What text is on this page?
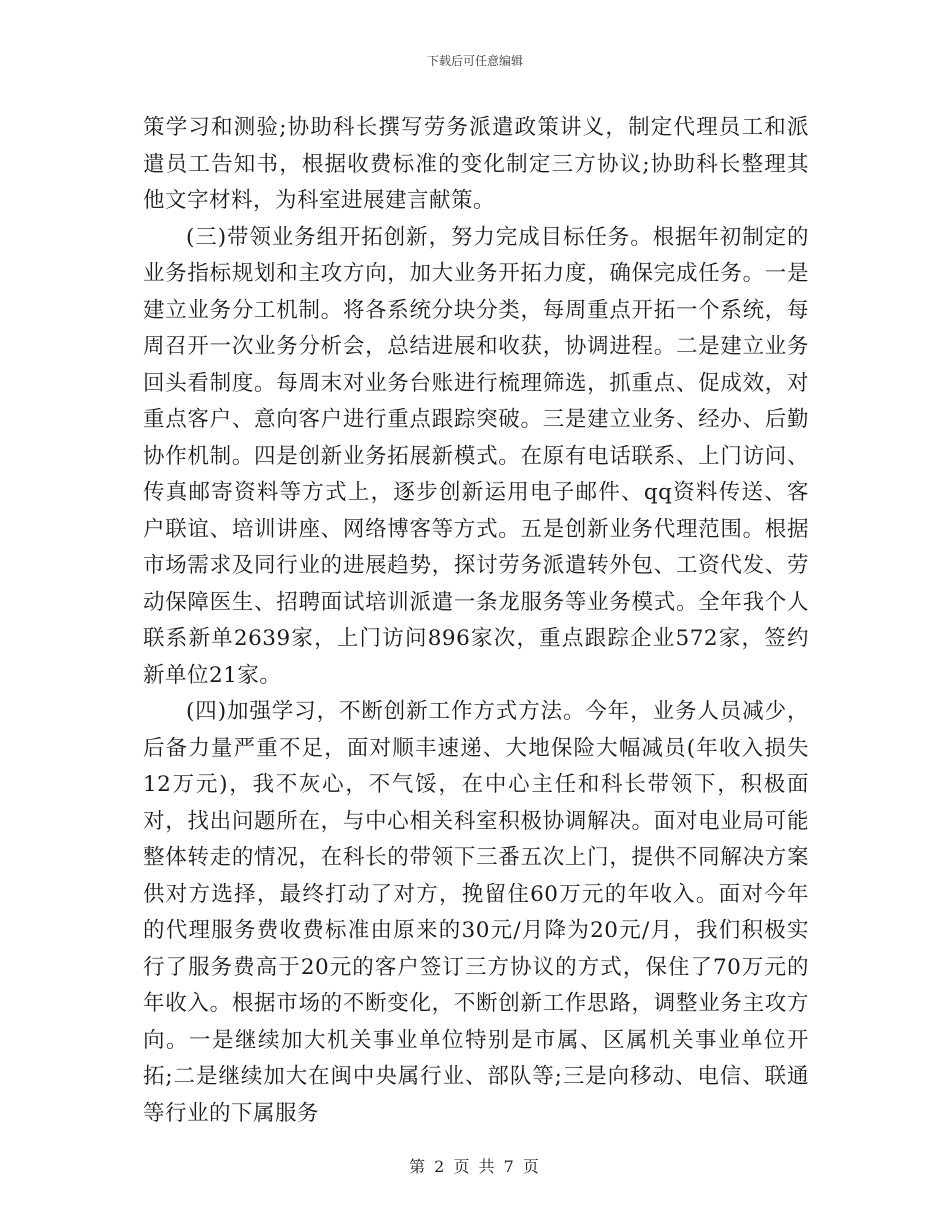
下载后可任意编辑

策学习和测验;协助科长撰写劳务派遣政策讲义，制定代理员工和派遣员工告知书，根据收费标准的变化制定三方协议;协助科长整理其他文字材料，为科室进展建言献策。

(三)带领业务组开拓创新，努力完成目标任务。根据年初制定的业务指标规划和主攻方向，加大业务开拓力度，确保完成任务。一是建立业务分工机制。将各系统分块分类，每周重点开拓一个系统，每周召开一次业务分析会，总结进展和收获，协调进程。二是建立业务回头看制度。每周末对业务台账进行梳理筛选，抓重点、促成效，对重点客户、意向客户进行重点跟踪突破。三是建立业务、经办、后勤协作机制。四是创新业务拓展新模式。在原有电话联系、上门访问、传真邮寄资料等方式上，逐步创新运用电子邮件、qq资料传送、客户联谊、培训讲座、网络博客等方式。五是创新业务代理范围。根据市场需求及同行业的进展趋势，探讨劳务派遣转外包、工资代发、劳动保障医生、招聘面试培训派遣一条龙服务等业务模式。全年我个人联系新单2639家，上门访问896家次，重点跟踪企业572家，签约新单位21家。

(四)加强学习，不断创新工作方式方法。今年，业务人员减少，后备力量严重不足，面对顺丰速递、大地保险大幅减员(年收入损失12万元)，我不灰心，不气馁，在中心主任和科长带领下，积极面对，找出问题所在，与中心相关科室积极协调解决。面对电业局可能整体转走的情况，在科长的带领下三番五次上门，提供不同解决方案供对方选择，最终打动了对方，挽留住60万元的年收入。面对今年的代理服务费收费标准由原来的30元/月降为20元/月，我们积极实行了服务费高于20元的客户签订三方协议的方式，保住了70万元的年收入。根据市场的不断变化，不断创新工作思路，调整业务主攻方向。一是继续加大机关事业单位特别是市属、区属机关事业单位开拓;二是继续加大在闽中央属行业、部队等;三是向移动、电信、联通等行业的下属服务

第 2 页 共 7 页
